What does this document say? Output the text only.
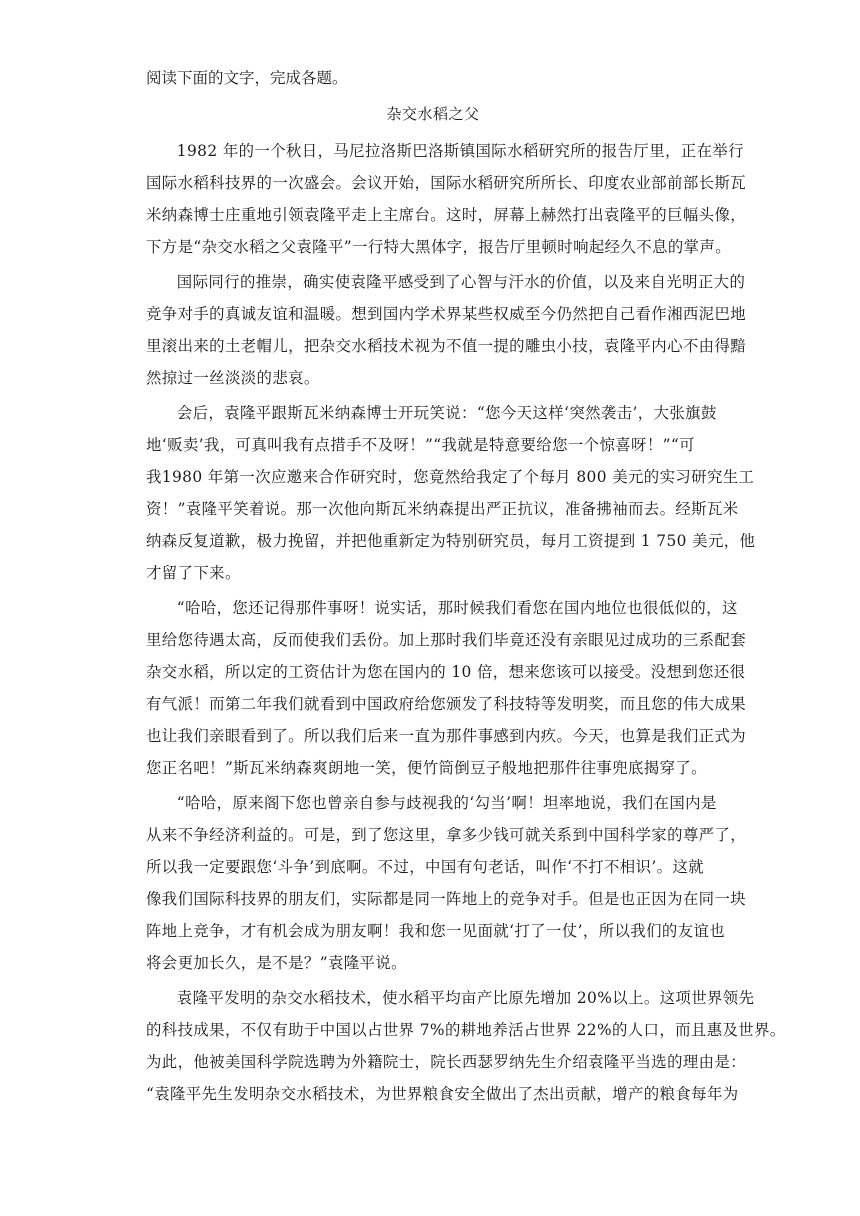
阅读下面的文字，完成各题。
杂交水稻之父
1982 年的一个秋日，马尼拉洛斯巴洛斯镇国际水稻研究所的报告厅里，正在举行
国际水稻科技界的一次盛会。会议开始，国际水稻研究所所长、印度农业部前部长斯瓦
米纳森博士庄重地引领袁隆平走上主席台。这时，屏幕上赫然打出袁隆平的巨幅头像，
下方是“杂交水稻之父袁隆平”一行特大黑体字，报告厅里顿时响起经久不息的掌声。
国际同行的推崇，确实使袁隆平感受到了心智与汗水的价值，以及来自光明正大的
竞争对手的真诚友谊和温暖。想到国内学术界某些权威至今仍然把自己看作湘西泥巴地
里滚出来的土老帽儿，把杂交水稻技术视为不值一提的雕虫小技，袁隆平内心不由得黯
然掠过一丝淡淡的悲哀。
会后，袁隆平跟斯瓦米纳森博士开玩笑说：“您今天这样‘突然袭击’，大张旗鼓
地‘贩卖’我，可真叫我有点措手不及呀！”“我就是特意要给您一个惊喜呀！”“可
我1980 年第一次应邀来合作研究时，您竟然给我定了个每月 800 美元的实习研究生工
资！”袁隆平笑着说。那一次他向斯瓦米纳森提出严正抗议，准备拂袖而去。经斯瓦米
纳森反复道歉，极力挽留，并把他重新定为特别研究员，每月工资提到 1 750 美元，他
才留了下来。
“哈哈，您还记得那件事呀！说实话，那时候我们看您在国内地位也很低似的，这
里给您待遇太高，反而使我们丢份。加上那时我们毕竟还没有亲眼见过成功的三系配套
杂交水稻，所以定的工资估计为您在国内的 10 倍，想来您该可以接受。没想到您还很
有气派！而第二年我们就看到中国政府给您颁发了科技特等发明奖，而且您的伟大成果
也让我们亲眼看到了。所以我们后来一直为那件事感到内疚。今天，也算是我们正式为
您正名吧！”斯瓦米纳森爽朗地一笑，便竹筒倒豆子般地把那件往事兜底揭穿了。
“哈哈，原来阁下您也曾亲自参与歧视我的‘勾当’啊！坦率地说，我们在国内是
从来不争经济利益的。可是，到了您这里，拿多少钱可就关系到中国科学家的尊严了，
所以我一定要跟您‘斗争’到底啊。不过，中国有句老话，叫作‘不打不相识’。这就
像我们国际科技界的朋友们，实际都是同一阵地上的竞争对手。但是也正因为在同一块
阵地上竞争，才有机会成为朋友啊！我和您一见面就‘打了一仗’，所以我们的友谊也
将会更加长久，是不是？”袁隆平说。
袁隆平发明的杂交水稻技术，使水稻平均亩产比原先增加 20%以上。这项世界领先
的科技成果，不仅有助于中国以占世界 7%的耕地养活占世界 22%的人口，而且惠及世界。
为此，他被美国科学院选聘为外籍院士，院长西瑟罗纳先生介绍袁隆平当选的理由是：
“袁隆平先生发明杂交水稻技术，为世界粮食安全做出了杰出贡献，增产的粮食每年为
